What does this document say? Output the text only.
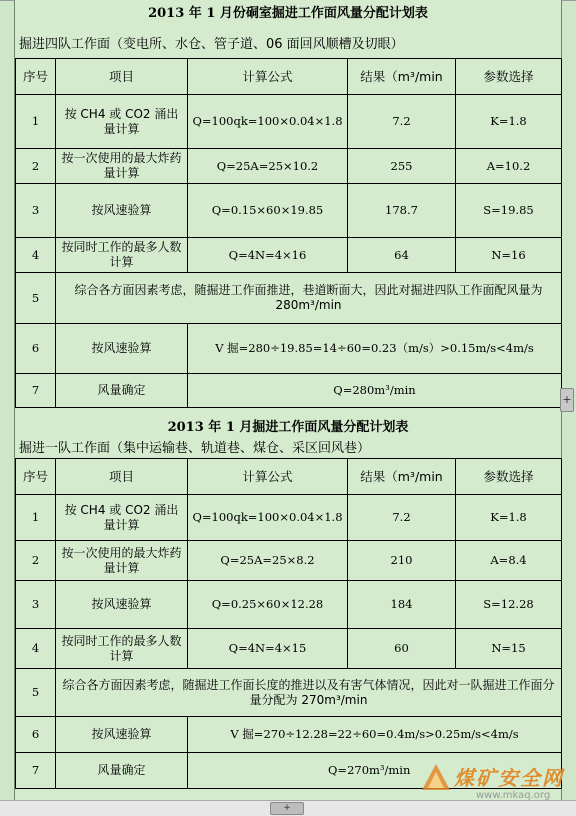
2013 年 1 月份硐室掘进工作面风量分配计划表
掘进四队工作面（变电所、水仓、管子道、06 面回风顺槽及切眼）
序号	项目	计算公式	结果（m³/min	参数选择
1	按 CH4 或 CO2 涌出量计算	Q=100qk=100×0.04×1.8	7.2	K=1.8
2	按一次使用的最大炸药量计算	Q=25A=25×10.2	255	A=10.2
3	按风速验算	Q=0.15×60×19.85	178.7	S=19.85
4	按同时工作的最多人数计算	Q=4N=4×16	64	N=16
5	综合各方面因素考虑，随掘进工作面推进，巷道断面大，因此对掘进四队工作面配风量为 280m³/min			
6	按风速验算	V 掘=280÷19.85=14÷60=0.23（m/s）>0.15m/s<4m/s		
7	风量确定	Q=280m³/min		
2013 年 1 月掘进工作面风量分配计划表
掘进一队工作面（集中运输巷、轨道巷、煤仓、采区回风巷）
序号	项目	计算公式	结果（m³/min	参数选择
1	按 CH4 或 CO2 涌出量计算	Q=100qk=100×0.04×1.8	7.2	K=1.8
2	按一次使用的最大炸药量计算	Q=25A=25×8.2	210	A=8.4
3	按风速验算	Q=0.25×60×12.28	184	S=12.28
4	按同时工作的最多人数计算	Q=4N=4×15	60	N=15
5	综合各方面因素考虑，随掘进工作面长度的推进以及有害气体情况，因此对一队掘进工作面分量分配为 270m³/min			
6	按风速验算	V 掘=270÷12.28=22÷60=0.4m/s>0.25m/s<4m/s		
7	风量确定	Q=270m³/min		
+
+
煤矿安全网
www.mkaq.org
